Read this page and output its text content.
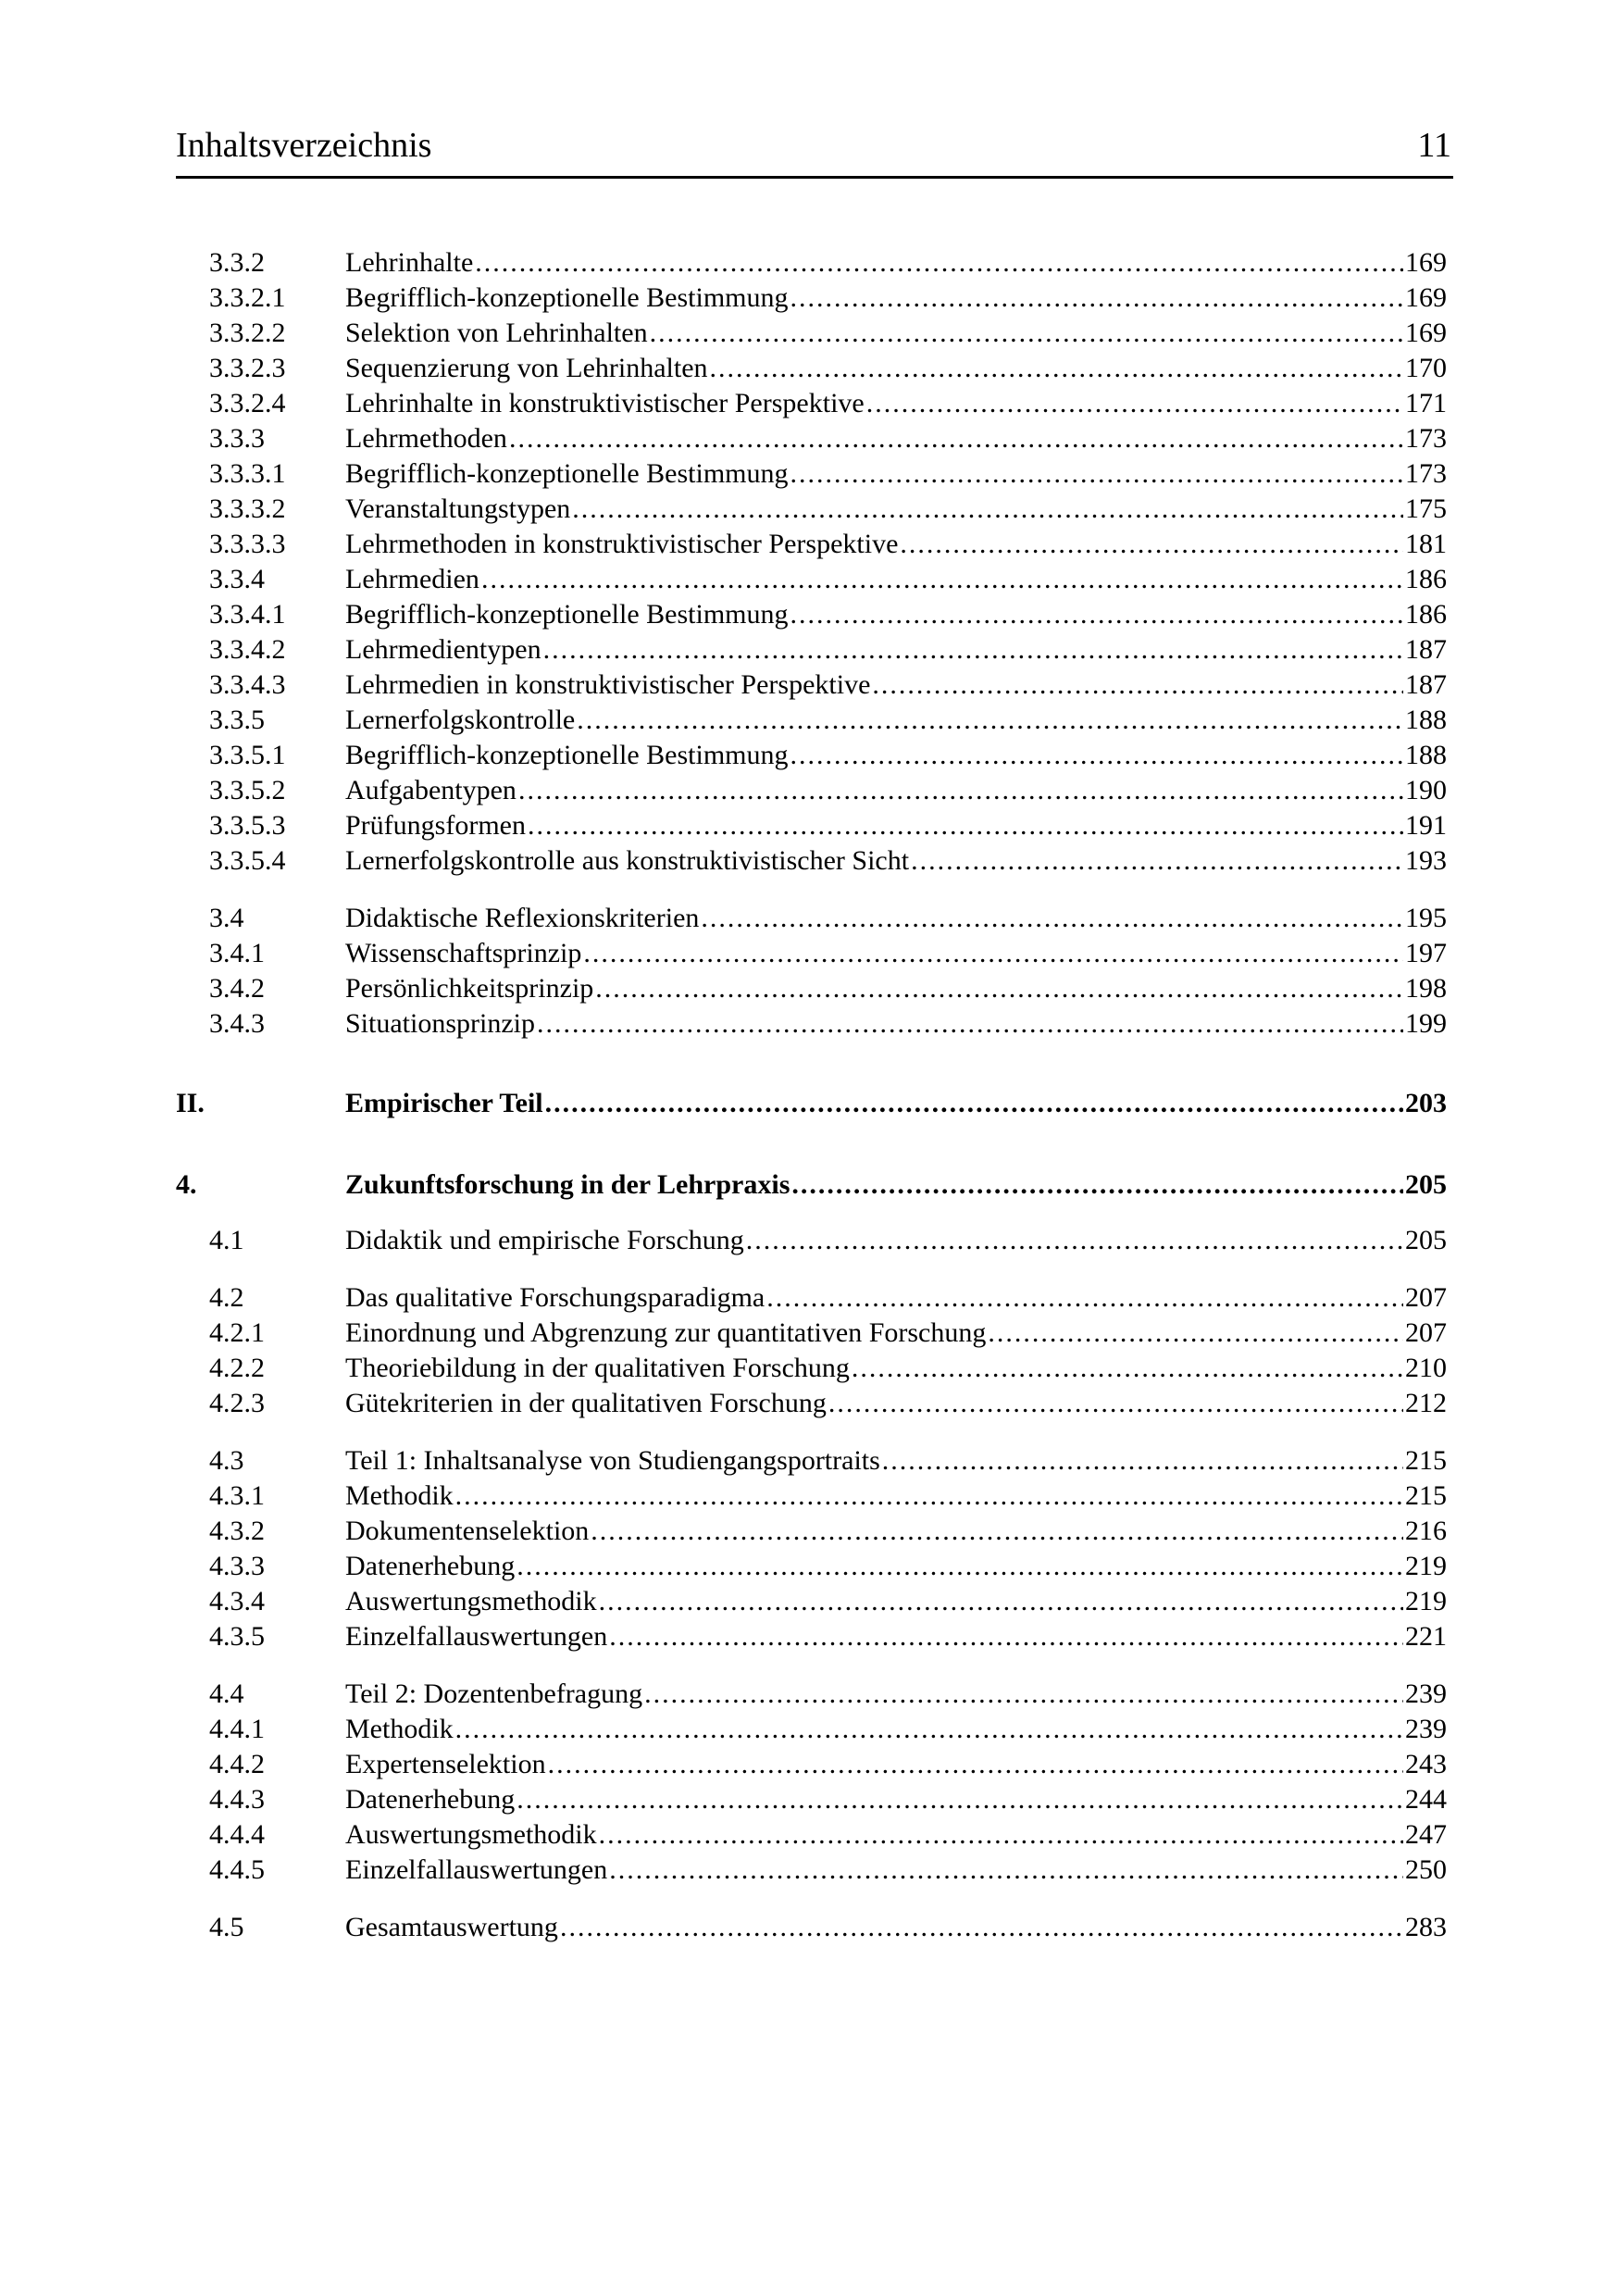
Inhaltsverzeichnis	11
3.3.2	Lehrinhalte .....	169
3.3.2.1 Begrifflich-konzeptionelle Bestimmung .....	169
3.3.2.2 Selektion von Lehrinhalten .....	169
3.3.2.3 Sequenzierung von Lehrinhalten .....	170
3.3.2.4 Lehrinhalte in konstruktivistischer Perspektive .....	171
3.3.3	Lehrmethoden .....	173
3.3.3.1 Begrifflich-konzeptionelle Bestimmung .....	173
3.3.3.2 Veranstaltungstypen .....	175
3.3.3.3 Lehrmethoden in konstruktivistischer Perspektive .....	181
3.3.4	Lehrmedien .....	186
3.3.4.1 Begrifflich-konzeptionelle Bestimmung .....	186
3.3.4.2 Lehrmedientypen .....	187
3.3.4.3 Lehrmedien in konstruktivistischer Perspektive .....	187
3.3.5	Lernerfolgskontrolle .....	188
3.3.5.1 Begrifflich-konzeptionelle Bestimmung .....	188
3.3.5.2 Aufgabentypen .....	190
3.3.5.3 Prüfungsformen .....	191
3.3.5.4 Lernerfolgskontrolle aus konstruktivistischer Sicht .....	193
3.4	Didaktische Reflexionskriterien .....	195
3.4.1	Wissenschaftsprinzip .....	197
3.4.2	Persönlichkeitsprinzip .....	198
3.4.3	Situationsprinzip .....	199
II.	Empirischer Teil .....	203
4.	Zukunftsforschung in der Lehrpraxis .....	205
4.1	Didaktik und empirische Forschung .....	205
4.2	Das qualitative Forschungsparadigma .....	207
4.2.1	Einordnung und Abgrenzung zur quantitativen Forschung .....	207
4.2.2	Theoriebildung in der qualitativen Forschung .....	210
4.2.3	Gütekriterien in der qualitativen Forschung .....	212
4.3	Teil 1: Inhaltsanalyse von Studiengangsportraits .....	215
4.3.1	Methodik .....	215
4.3.2	Dokumentenselektion .....	216
4.3.3	Datenerhebung .....	219
4.3.4	Auswertungsmethodik .....	219
4.3.5	Einzelfallauswertungen .....	221
4.4	Teil 2: Dozentenbefragung .....	239
4.4.1	Methodik .....	239
4.4.2	Expertenselektion .....	243
4.4.3	Datenerhebung .....	244
4.4.4	Auswertungsmethodik .....	247
4.4.5	Einzelfallauswertungen .....	250
4.5	Gesamtauswertung .....	283
